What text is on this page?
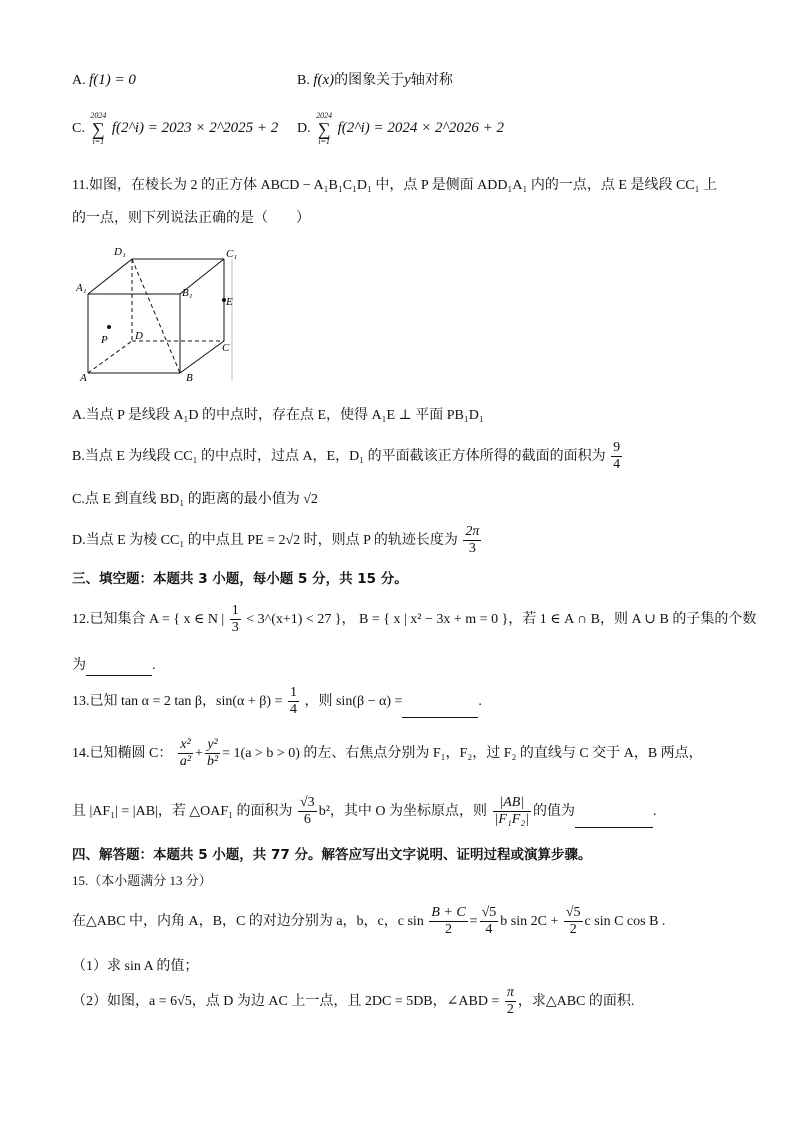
A. f(1) = 0	B. f(x)的图象关于y轴对称
C.
2024
∑
i=1
f(2^i) = 2023 × 2^2025 + 2 D.
2024
∑
i=1
f(2^i) = 2024 × 2^2026 + 2
11.如图，在棱长为 2 的正方体 ABCD − A₁B₁C₁D₁ 中，点 P 是侧面 ADD₁A₁ 内的一点，点 E 是线段 CC₁ 上
的一点，则下列说法正确的是（　　）
D₁	C₁
A₁	B₁
E
P D
C
A	B
A.当点 P 是线段 A₁D 的中点时，存在点 E，使得 A₁E ⊥ 平面 PB₁D₁
B.当点 E 为线段 CC₁ 的中点时，过点 A，E，D₁ 的平面截该正方体所得的截面的面积为 $\frac{9}{4}$
C.点 E 到直线 BD₁ 的距离的最小值为 √2
D.当点 E 为棱 CC₁ 的中点且 PE = 2√2 时，则点 P 的轨迹长度为 $\frac{2\pi}{3}$
三、填空题：本题共 3 小题，每小题 5 分，共 15 分。
12.已知集合 A = { x ∈ N | $\frac{1}{3}$ < 3^(x+1) < 27 }， B = { x | x² − 3x + m = 0 }，若 1 ∈ A ∩ B，则 A ∪ B 的子集的个数
为	.
13.已知 tan α = 2 tan β，$\sin(\alpha + \beta) = \frac{1}{4}$ ，则 sin(β − α) =	.
14.已知椭圆 C： $\frac{\text{x²}}{\text{a²}} + \frac{\text{y²}}{\text{b²}} = 1(a > b > 0)$ 的左、右焦点分别为 F₁，F₂，过 F₂ 的直线与 C 交于 A，B 两点，
且 |AF₁| = |AB|，若 △OAF₁ 的面积为 $\frac{√3}{6} b^2$，其中 O 为坐标原点，则 $\frac{|AB|}{\text{|F₁F₂|}}$ 的值为	.
四、解答题：本题共 5 小题，共 77 分。解答应写出文字说明、证明过程或演算步骤。
15.（本小题满分 13 分）
在△ABC 中，内角 A，B，C 的对边分别为 a，b，c，c $\sin \frac{B + C}{2} = \frac{√5}{4}$ b $\sin 2C + \frac{√5}{2}$ c sin C cos B .
（1）求 sin A 的值；
（2）如图，a = 6√5，点 D 为边 AC 上一点，且 2DC = 5DB，∠ABD = $\frac{\pi}{2}$ ，求△ABC 的面积.
